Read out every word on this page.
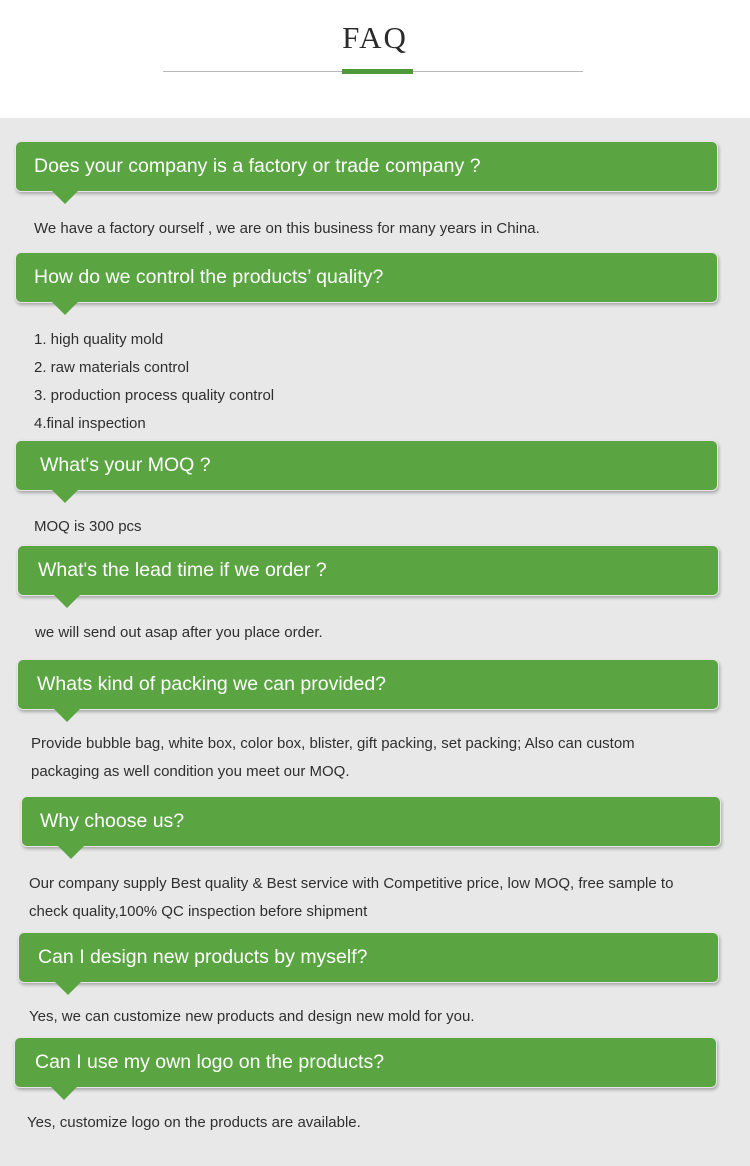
FAQ
Does your company is a factory or trade company ?
We have a factory ourself , we are on this business for many years in China.
How do we control the products’ quality?
1. high quality mold
2. raw materials control
3. production process quality control
4.final inspection
What's your MOQ ?
MOQ is 300 pcs
What's the lead time if we order ?
we will send out asap after you place order.
Whats kind of packing we can provided?
Provide bubble bag, white box, color box, blister, gift packing, set packing; Also can custom
packaging as well condition you meet our MOQ.
Why choose us?
Our company supply Best quality & Best service with Competitive price, low MOQ, free sample to
check quality,100% QC inspection before shipment
Can I design new products by myself?
Yes, we can customize new products and design new mold for you.
Can I use my own logo on the products?
Yes, customize logo on the products are available.
